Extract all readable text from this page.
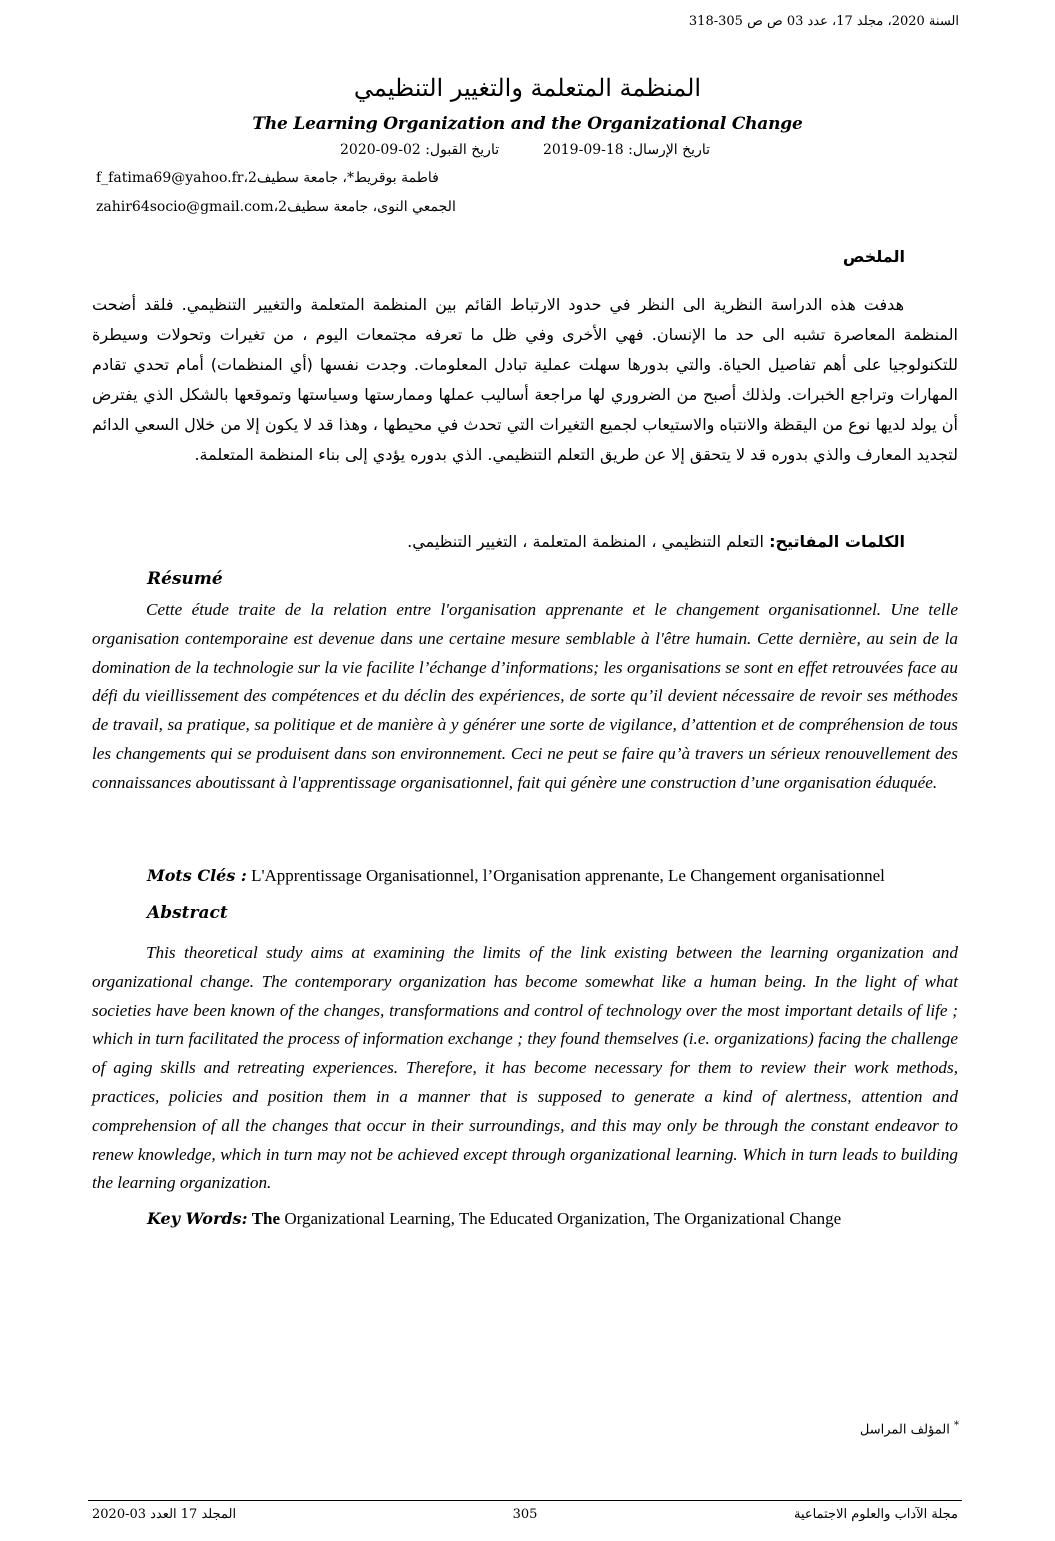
السنة 2020، مجلد 17، عدد 03 ص ص 305-318
المنظمة المتعلمة والتغيير التنظيمي
The Learning Organization and the Organizational Change
تاريخ الإرسال: 18-09-2019
تاريخ القبول: 02-09-2020
f_fatima69@yahoo.frفاطمة بوقريط*، جامعة سطيف2،
zahir64socio@gmail.comالجمعي النوى، جامعة سطيف2،
الملخص
هدفت هذه الدراسة النظرية الى النظر في حدود الارتباط القائم بين المنظمة المتعلمة والتغيير التنظيمي. فلقد أضحت المنظمة المعاصرة تشبه الى حد ما الإنسان. فهي الأخرى وفي ظل ما تعرفه مجتمعات اليوم ، من تغيرات وتحولات وسيطرة للتكنولوجيا على أهم تفاصيل الحياة. والتي بدورها سهلت عملية تبادل المعلومات. وجدت نفسها (أي المنظمات) أمام تحدي تقادم المهارات وتراجع الخبرات. ولذلك أصبح من الضروري لها مراجعة أساليب عملها وممارستها وسياستها وتموقعها بالشكل الذي يفترض أن يولد لديها نوع من اليقظة والانتباه والاستيعاب لجميع التغيرات التي تحدث في محيطها ، وهذا قد لا يكون إلا من خلال السعي الدائم لتجديد المعارف والذي بدوره قد لا يتحقق إلا عن طريق التعلم التنظيمي. الذي بدوره يؤدي إلى بناء المنظمة المتعلمة.
الكلمات المفاتيح: التعلم التنظيمي ، المنظمة المتعلمة ، التغيير التنظيمي.
Résumé
Cette étude traite de la relation entre l'organisation apprenante et le changement organisationnel. Une telle organisation contemporaine est devenue dans une certaine mesure semblable à l'être humain. Cette dernière, au sein de la domination de la technologie sur la vie facilite l’échange d’informations; les organisations se sont en effet retrouvées face au défi du vieillissement des compétences et du déclin des expériences, de sorte qu’il devient nécessaire de revoir ses méthodes de travail, sa pratique, sa politique et de manière à y générer une sorte de vigilance, d’attention et de compréhension de tous les changements qui se produisent dans son environnement. Ceci ne peut se faire qu’à travers un sérieux renouvellement des connaissances aboutissant à l'apprentissage organisationnel, fait qui génère une construction d’une organisation éduquée.
Mots Clés : L'Apprentissage Organisationnel, l’Organisation apprenante, Le Changement organisationnel
Abstract
This theoretical study aims at examining the limits of the link existing between the learning organization and organizational change. The contemporary organization has become somewhat like a human being. In the light of what societies have been known of the changes, transformations and control of technology over the most important details of life ; which in turn facilitated the process of information exchange ; they found themselves (i.e. organizations) facing the challenge of aging skills and retreating experiences. Therefore, it has become necessary for them to review their work methods, practices, policies and position them in a manner that is supposed to generate a kind of alertness, attention and comprehension of all the changes that occur in their surroundings, and this may only be through the constant endeavor to renew knowledge, which in turn may not be achieved except through organizational learning. Which in turn leads to building the learning organization.
Key Words: The Organizational Learning, The Educated Organization, The Organizational Change
* المؤلف المراسل
المجلد 17 العدد 03-2020	305	مجلة الآداب والعلوم الاجتماعية
